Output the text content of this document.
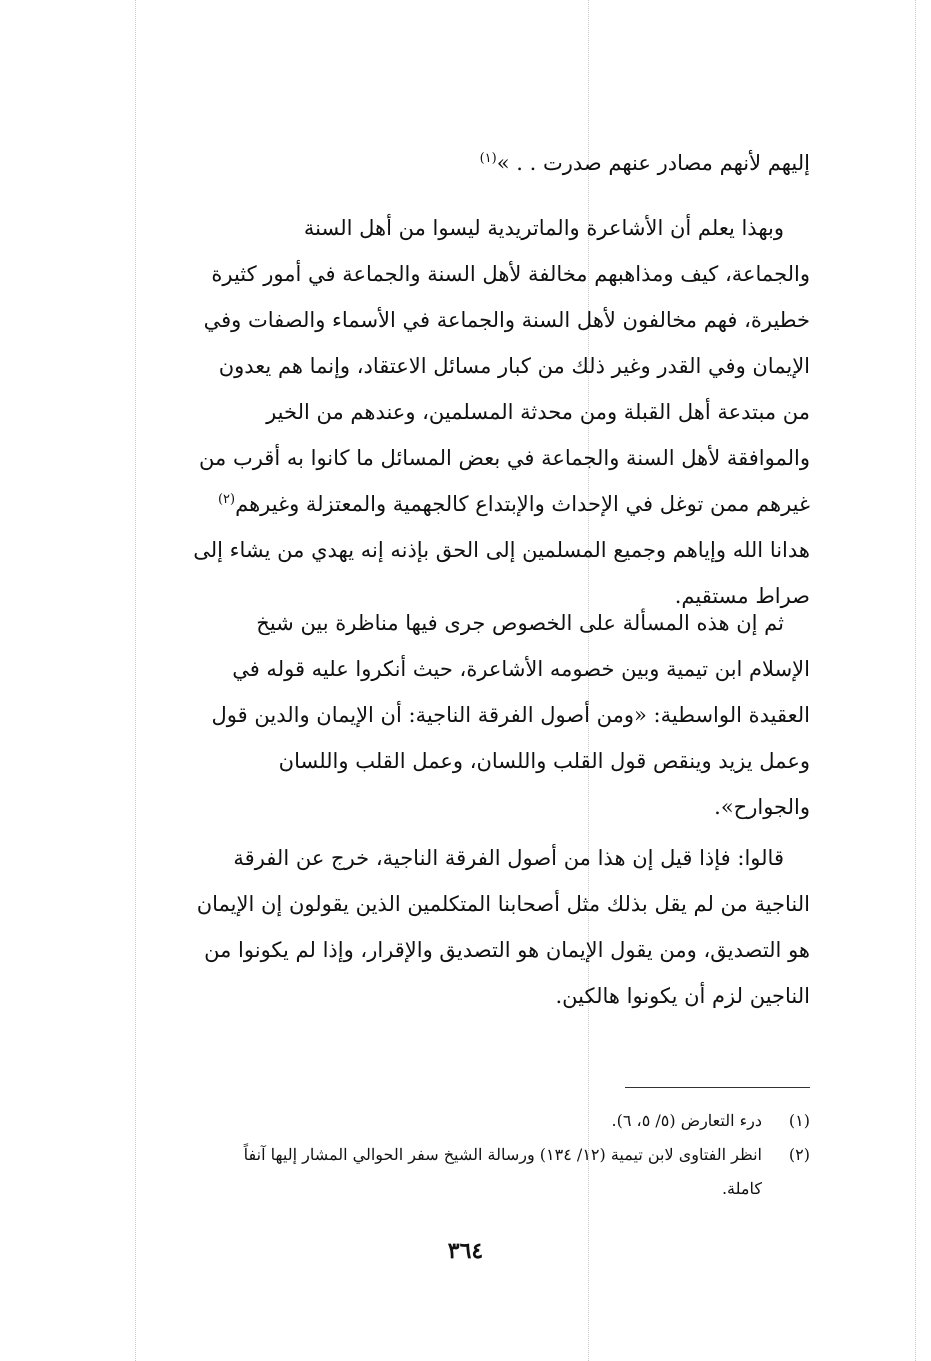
إليهم لأنهم مصادر عنهم صدرت . . »$^{(١)}$

وبهذا يعلم أن الأشاعرة والماتريدية ليسوا من أهل السنة

والجماعة، كيف ومذاهبهم مخالفة لأهل السنة والجماعة في أمور كثيرة

خطيرة، فهم مخالفون لأهل السنة والجماعة في الأسماء والصفات وفي

الإيمان وفي القدر وغير ذلك من كبار مسائل الاعتقاد، وإنما هم يعدون

من مبتدعة أهل القبلة ومن محدثة المسلمين، وعندهم من الخير

والموافقة لأهل السنة والجماعة في بعض المسائل ما كانوا به أقرب من

غيرهم ممن توغل في الإحداث والإبتداع كالجهمية والمعتزلة وغيرهم$^{(٢)}$

هدانا الله وإياهم وجميع المسلمين إلى الحق بإذنه إنه يهدي من يشاء إلى

صراط مستقيم.

ثم إن هذه المسألة على الخصوص جرى فيها مناظرة بين شيخ

الإسلام ابن تيمية وبين خصومه الأشاعرة، حيث أنكروا عليه قوله في

العقيدة الواسطية: «ومن أصول الفرقة الناجية: أن الإيمان والدين قول

وعمل يزيد وينقص قول القلب واللسان، وعمل القلب واللسان

والجوارح».

قالوا: فإذا قيل إن هذا من أصول الفرقة الناجية، خرج عن الفرقة

الناجية من لم يقل بذلك مثل أصحابنا المتكلمين الذين يقولون إن الإيمان

هو التصديق، ومن يقول الإيمان هو التصديق والإقرار، وإذا لم يكونوا من

الناجين لزم أن يكونوا هالكين.

(١)
درء التعارض (٥/ ٥، ٦).
(٢)
انظر الفتاوى لابن تيمية (١٢/ ١٣٤) ورسالة الشيخ سفر الحوالي المشار إليها آنفاً
كاملة.
٣٦٤
